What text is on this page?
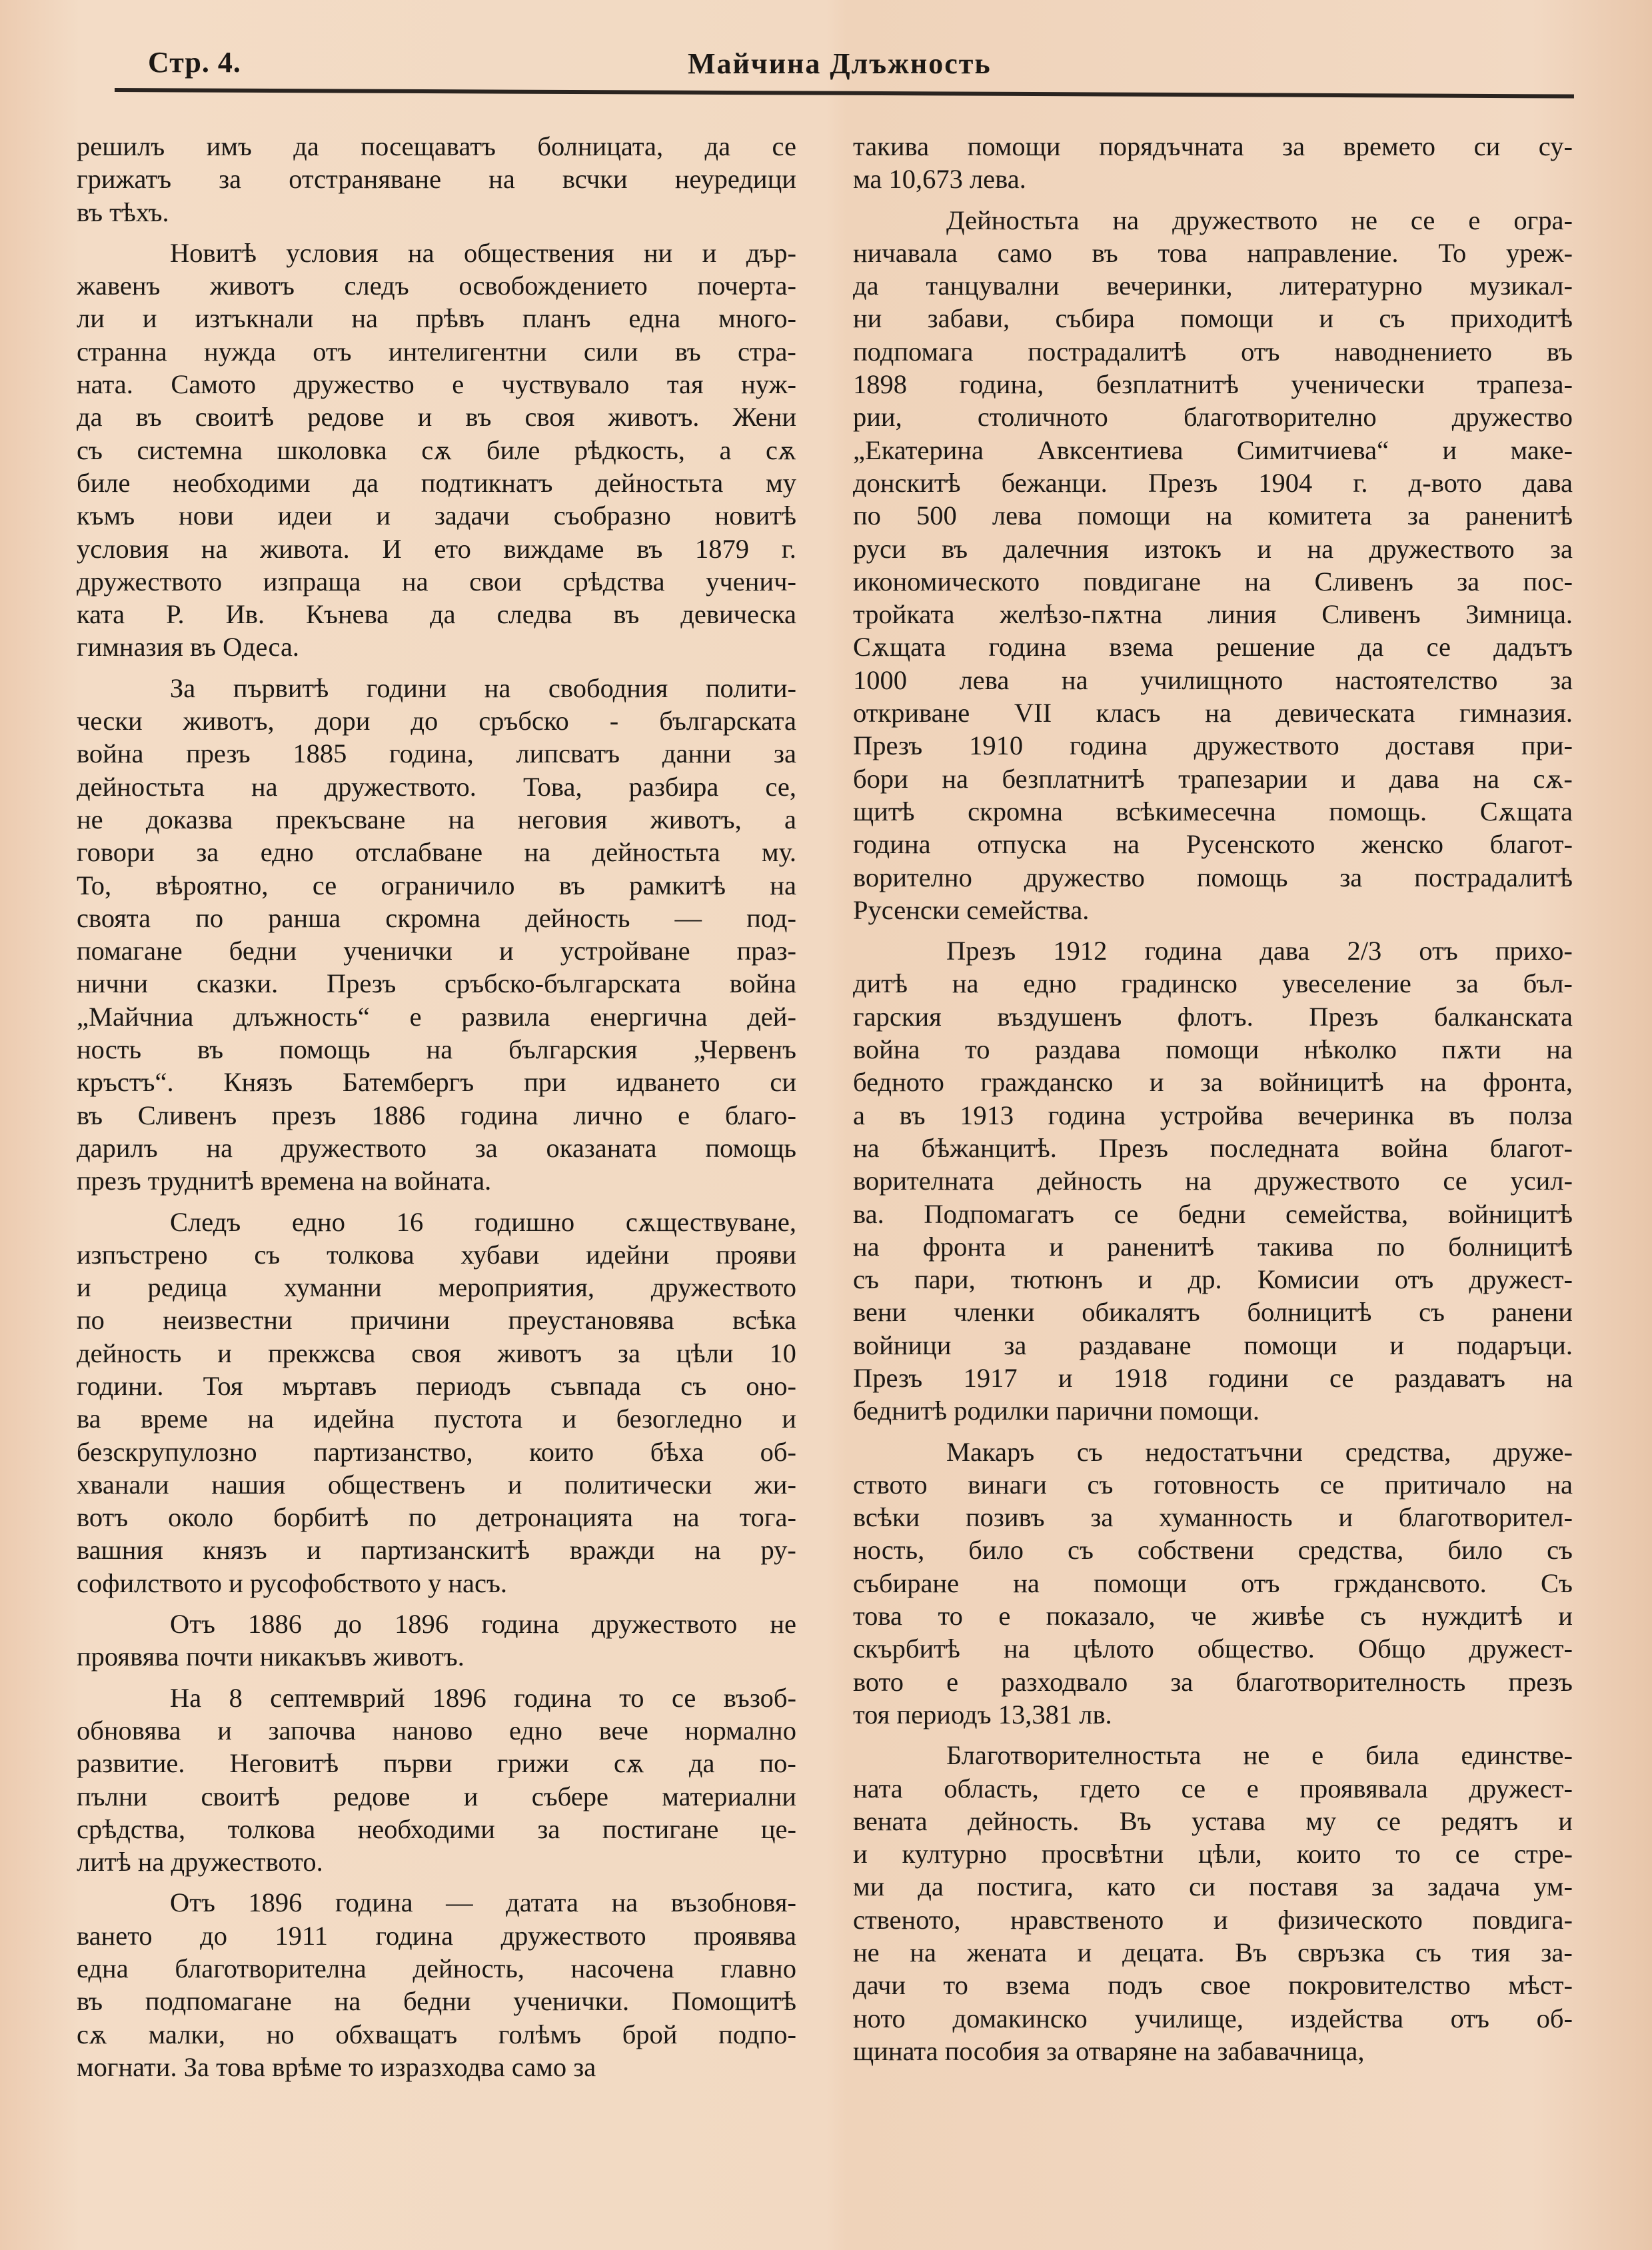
Стр. 4.	Майчина Длъжность
решилъ имъ да посещаватъ болницата, да се
грижатъ за отстраняване на всчки неуредици
въ тѣхъ.
Новитѣ условия на обществения ни и дър-
жавенъ животъ следъ освобождението почерта-
ли и изтъкнали на прѣвъ планъ една много-
странна нужда отъ интелигентни сили въ стра-
ната. Самото дружество е чуствувало тая нуж-
да въ своитѣ редове и въ своя животъ. Жени
съ системна школовка сѫ биле рѣдкость, а сѫ
биле необходими да подтикнатъ дейностьта му
къмъ нови идеи и задачи съобразно новитѣ
условия на живота. И ето виждаме въ 1879 г.
дружеството изпраща на свои срѣдства ученич-
ката Р. Ив. Кънева да следва въ девическа
гимназия въ Одеса.
За първитѣ години на свободния полити-
чески животъ, дори до сръбско - българската
война презъ 1885 година, липсватъ данни за
дейностьта на дружеството. Това, разбира се,
не доказва прекъсване на неговия животъ, а
говори за едно отслабване на дейностьта му.
То, вѣроятно, се ограничило въ рамкитѣ на
своята по ранша скромна дейность — под-
помагане бедни ученички и устройване праз-
нични сказки. Презъ сръбско-българската война
„Майчниа длъжность“ е развила енергична дей-
ность въ помощь на българския „Червенъ
кръстъ“. Князъ Батембергъ при идването си
въ Сливенъ презъ 1886 година лично е благо-
дарилъ на дружеството за оказаната помощь
презъ труднитѣ времена на войната.
Следъ едно 16 годишно сѫществуване,
изпъстрено съ толкова хубави идейни прояви
и редица хуманни мероприятия, дружеството
по неизвестни причини преустановява всѣка
дейность и прекжсва своя животъ за цѣли 10
години. Тоя мъртавъ периодъ съвпада съ оно-
ва време на идейна пустота и безогледно и
безскрупулозно партизанство, които бѣха об-
хванали нашия общественъ и политически жи-
вотъ около борбитѣ по детронацията на тога-
вашния князъ и партизанскитѣ вражди на ру-
софилството и русофобството у насъ.
Отъ 1886 до 1896 година дружеството не
проявява почти никакъвъ животъ.
На 8 септемврий 1896 година то се възоб-
обновява и започва наново едно вече нормално
развитие. Неговитѣ първи грижи сѫ да по-
пълни своитѣ редове и събере материални
срѣдства, толкова необходими за постигане це-
литѣ на дружеството.
Отъ 1896 година — датата на възобновя-
ването до 1911 година дружеството проявява
една благотворителна дейность, насочена главно
въ подпомагане на бедни ученички. Помощитѣ
сѫ малки, но обхващатъ голѣмъ брой подпо-
могнати. За това врѣме то изразходва само за
такива помощи порядъчната за времето си су-
ма 10,673 лева.
Дейностьта на дружеството не се е огра-
ничавала само въ това направление. То уреж-
да танцувални вечеринки, литературно музикал-
ни забави, събира помощи и съ приходитѣ
подпомага пострадалитѣ отъ наводнението въ
1898 година, безплатнитѣ ученически трапеза-
рии,	столичното	благотворително	дружество
„Екатерина Авксентиева Симитчиева“ и маке-
донскитѣ бежанци. Презъ 1904 г. д-вото дава
по 500 лева помощи на комитета за раненитѣ
руси въ далечния изтокъ и на дружеството за
икономическото повдигане на Сливенъ за пос-
тройката желѣзо-пѫтна линия Сливенъ Зимница.
Сѫщата година взема решение да се дадътъ
1000 лева на училищното настоятелство за
откриване VII класъ на девическата гимназия.
Презъ 1910 година дружеството доставя при-
бори на безплатнитѣ трапезарии и дава на сѫ-
щитѣ скромна всѣкимесечна помощь. Сѫщата
година отпуска на Русенското женско благот-
ворително дружество помощь за пострадалитѣ
Русенски семейства.
Презъ 1912 година дава 2/3 отъ прихо-
дитѣ на едно градинско увеселение за бъл-
гарския въздушенъ флотъ. Презъ балканската
война то раздава помощи нѣколко пѫти на
бедното гражданско и за войницитѣ на фронта,
а въ 1913 година устройва вечеринка въ полза
на бѣжанцитѣ. Презъ последната война благот-
ворителната дейность на дружеството се усил-
ва. Подпомагатъ се бедни семейства, войницитѣ
на фронта и раненитѣ такива по болницитѣ
съ пари, тютюнъ и др. Комисии отъ дружест-
вени членки обикалятъ болницитѣ съ ранени
войници за раздаване помощи и подаръци.
Презъ 1917 и 1918 години се раздаватъ на
беднитѣ родилки парични помощи.
Макаръ съ недостатъчни средства, друже-
ството винаги съ готовность се притичало на
всѣки позивъ за хуманность и благотворител-
ность, било съ собствени средства, било съ
събиране на помощи отъ грждансвото. Съ
това то е показало, че живѣе съ нуждитѣ и
скърбитѣ на цѣлото общество. Общо дружест-
вото е разходвало за благотворителность презъ
тоя периодъ 13,381 лв.
Благотворителностьта не е била единстве-
ната область, гдето се е проявявала дружест-
вената дейность. Въ устава му се редятъ и
и културно просвѣтни цѣли, които то се стре-
ми да постига, като си поставя за задача ум-
ственото, нравственото и физическото повдига-
не на жената и децата. Въ свръзка съ тия за-
дачи то взема подъ свое покровителство мѣст-
ното домакинско училище, издейства отъ об-
щината пособия за отваряне на забавачница,
